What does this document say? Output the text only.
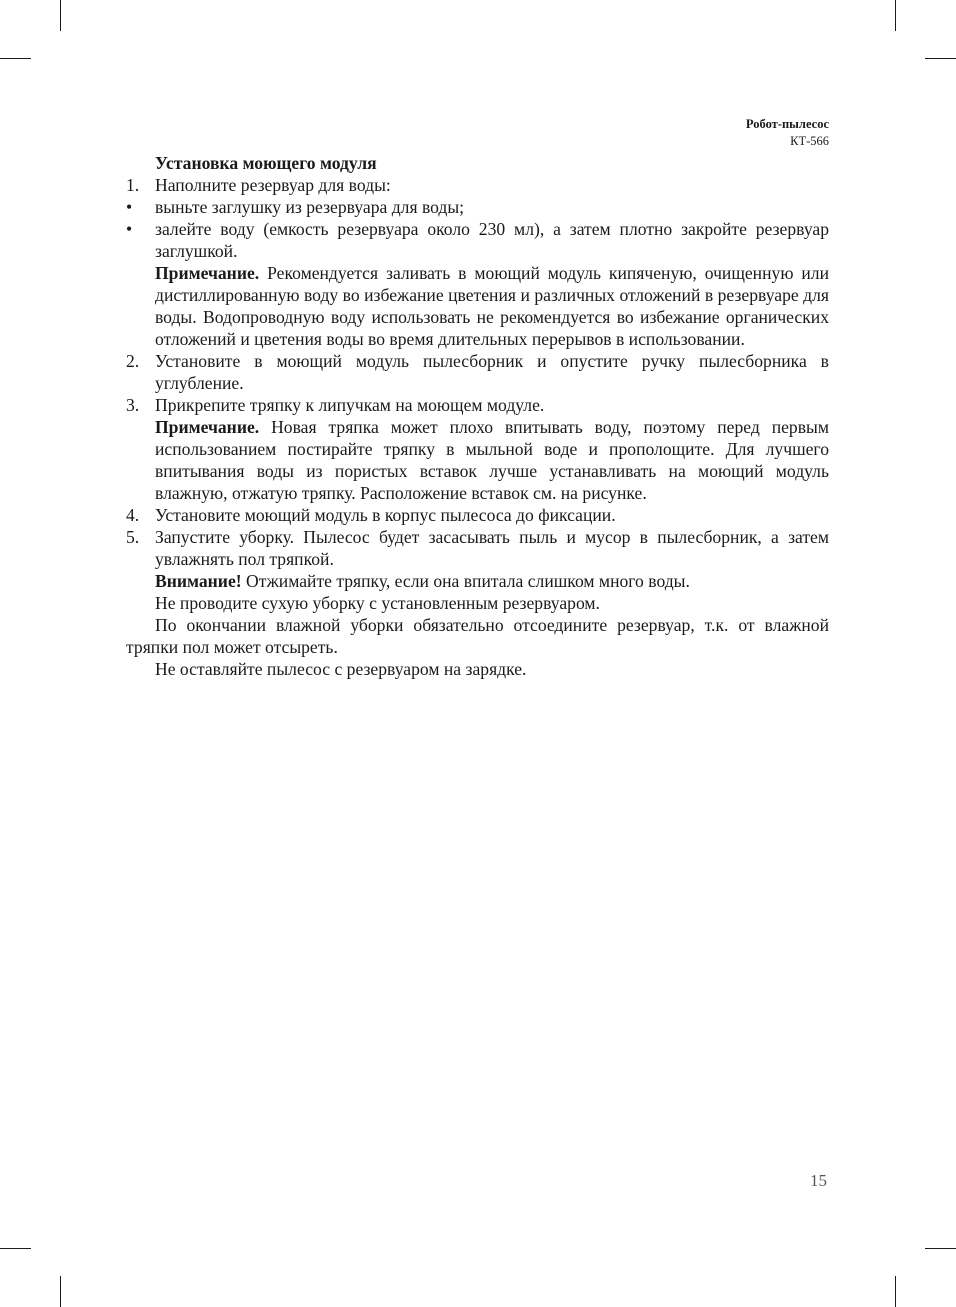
Робот-пылесос
КТ-566

Установка моющего модуля

1. Наполните резервуар для воды:

• выньте заглушку из резервуара для воды;

• залейте воду (емкость резервуара около 230 мл), а затем плотно закройте резервуар заглушкой.

Примечание. Рекомендуется заливать в моющий модуль кипяченую, очищенную или дистиллированную воду во избежание цветения и различных отложений в резервуаре для воды. Водопроводную воду использовать не рекомендуется во избежание органических отложений и цветения воды во время длительных перерывов в использовании.

2. Установите в моющий модуль пылесборник и опустите ручку пылесборника в углубление.

3. Прикрепите тряпку к липучкам на моющем модуле.

Примечание. Новая тряпка может плохо впитывать воду, поэтому перед первым использованием постирайте тряпку в мыльной воде и прополощите. Для лучшего впитывания воды из пористых вставок лучше устанавливать на моющий модуль влажную, отжатую тряпку. Расположение вставок см. на рисунке.

4. Установите моющий модуль в корпус пылесоса до фиксации.

5. Запустите уборку. Пылесос будет засасывать пыль и мусор в пылесборник, а затем увлажнять пол тряпкой.

Внимание! Отжимайте тряпку, если она впитала слишком много воды.

Не проводите сухую уборку с установленным резервуаром.

По окончании влажной уборки обязательно отсоедините резервуар, т.к. от влажной тряпки пол может отсыреть.

Не оставляйте пылесос с резервуаром на зарядке.

15
